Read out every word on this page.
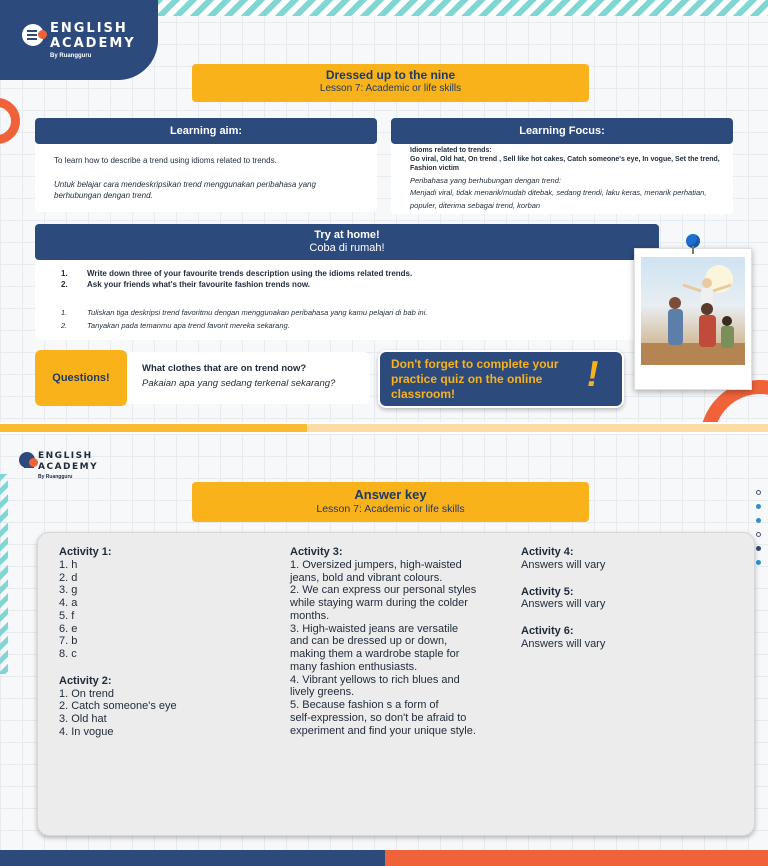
ENGLISH
ACADEMY
By Ruangguru
Dressed up to the nine
Lesson 7: Academic or life skills
Learning aim:
To learn how to describe a trend using idioms related to trends.
Untuk belajar cara mendeskripsikan trend menggunakan peribahasa yang berhubungan dengan trend.
Learning Focus:
Idioms related to trends:
Go viral, Old hat, On trend , Sell like hot cakes, Catch someone's eye, In vogue, Set the trend, Fashion victim
Peribahasa yang berhubungan dengan trend:
Menjadi viral, tidak menarik/mudah ditebak, sedang trendi, laku keras, menarik perhatian, populer, diterima sebagai trend, korban
Try at home!
Coba di rumah!
1. Write down three of your favourite trends description using the idioms related trends.
2. Ask your friends what's their favourite fashion trends now.
1.	Tuliskan tiga deskripsi trend favoritmu dengan menggunakan peribahasa yang kamu pelajari di bab ini.
2.	Tanyakan pada temanmu apa trend favorit mereka sekarang.
Questions!
What clothes that are on trend now?
Pakaian apa yang sedang terkenal sekarang?
Don't forget to complete your practice quiz on the online classroom!	!
ENGLISH
ACADEMY
By Ruangguru
Answer key
Lesson 7: Academic or life skills
Activity 1:
1. h
2. d
3. g
4. a
5. f
6. e
7. b
8. c
Activity 2:
1. On trend
2. Catch someone's eye
3. Old hat
4. In vogue
Activity 3:
1. Oversized jumpers, high-waisted
jeans, bold and vibrant colours.
2. We can express our personal styles
while staying warm during the colder
months.
3. High-waisted jeans are versatile
and can be dressed up or down,
making them a wardrobe staple for
many fashion enthusiasts.
4. Vibrant yellows to rich blues and
lively greens.
5. Because fashion s a form of
self-expression, so don't be afraid to
experiment and find your unique style.
Activity 4:
Answers will vary
Activity 5:
Answers will vary
Activity 6:
Answers will vary
